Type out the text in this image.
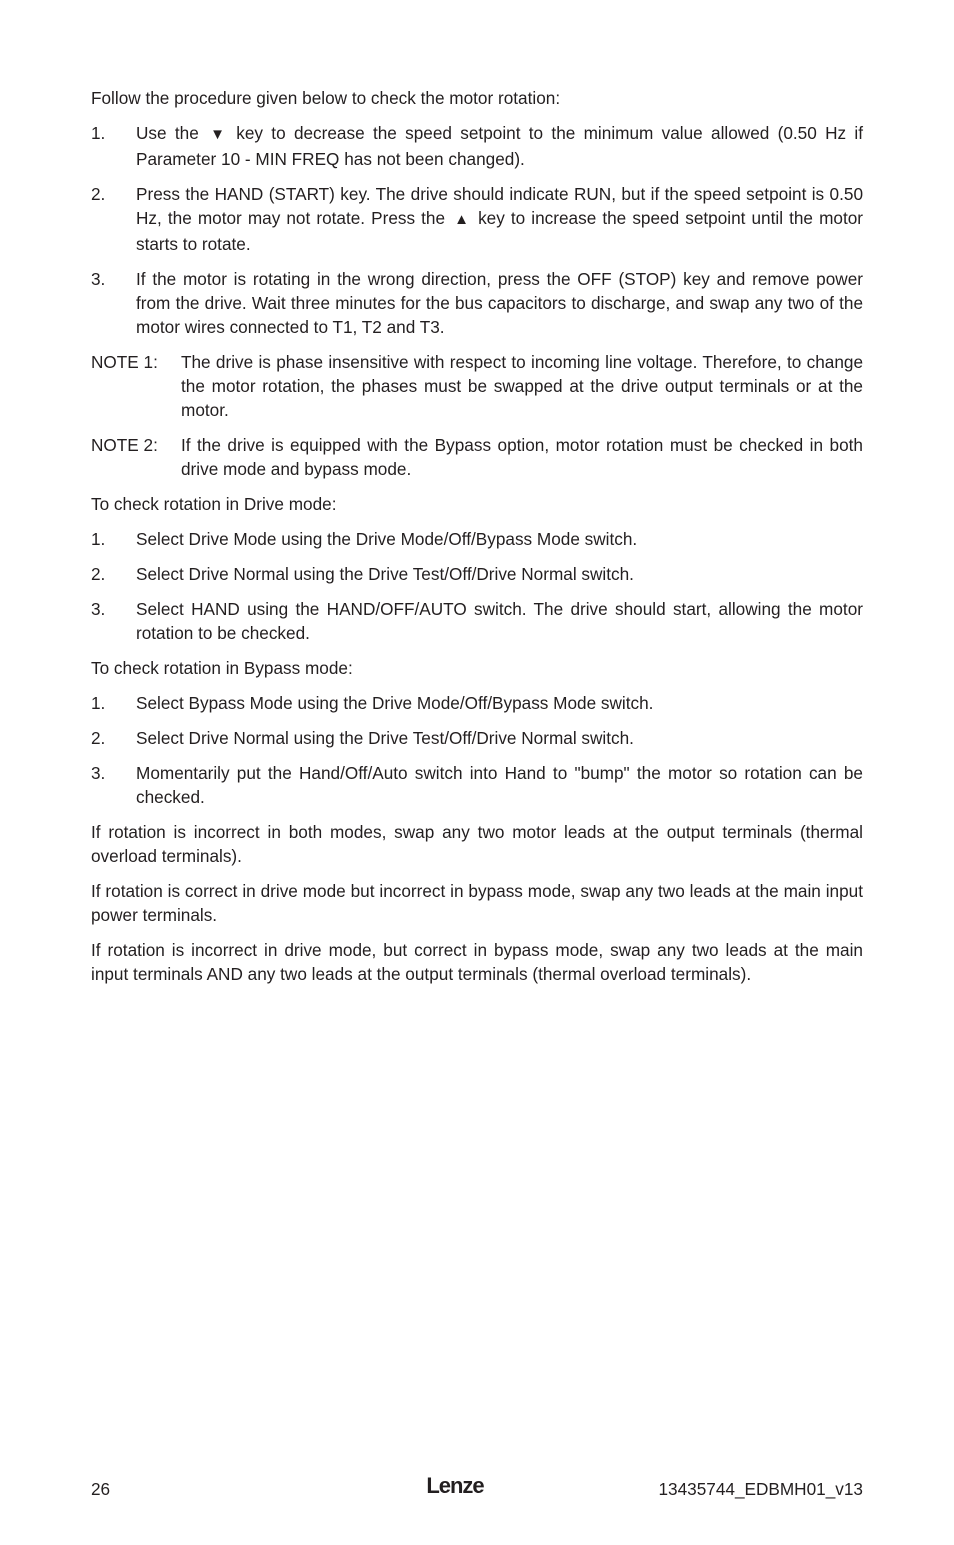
Follow the procedure given below to check the motor rotation:

1. Use the ▼ key to decrease the speed setpoint to the minimum value allowed (0.50 Hz if Parameter 10 - MIN FREQ has not been changed).
2. Press the HAND (START) key. The drive should indicate RUN, but if the speed setpoint is 0.50 Hz, the motor may not rotate. Press the ▲ key to increase the speed setpoint until the motor starts to rotate.
3. If the motor is rotating in the wrong direction, press the OFF (STOP) key and remove power from the drive. Wait three minutes for the bus capacitors to discharge, and swap any two of the motor wires connected to T1, T2 and T3.
NOTE 1: The drive is phase insensitive with respect to incoming line voltage. Therefore, to change the motor rotation, the phases must be swapped at the drive output terminals or at the motor.
NOTE 2: If the drive is equipped with the Bypass option, motor rotation must be checked in both drive mode and bypass mode.

To check rotation in Drive mode:

1. Select Drive Mode using the Drive Mode/Off/Bypass Mode switch.
2. Select Drive Normal using the Drive Test/Off/Drive Normal switch.
3. Select HAND using the HAND/OFF/AUTO switch. The drive should start, allowing the motor rotation to be checked.

To check rotation in Bypass mode:

1. Select Bypass Mode using the Drive Mode/Off/Bypass Mode switch.
2. Select Drive Normal using the Drive Test/Off/Drive Normal switch.
3. Momentarily put the Hand/Off/Auto switch into Hand to "bump" the motor so rotation can be checked.

If rotation is incorrect in both modes, swap any two motor leads at the output terminals (thermal overload terminals).

If rotation is correct in drive mode but incorrect in bypass mode, swap any two leads at the main input power terminals.

If rotation is incorrect in drive mode, but correct in bypass mode, swap any two leads at the main input terminals AND any two leads at the output terminals (thermal overload terminals).

26	Lenze	13435744_EDBMH01_v13
